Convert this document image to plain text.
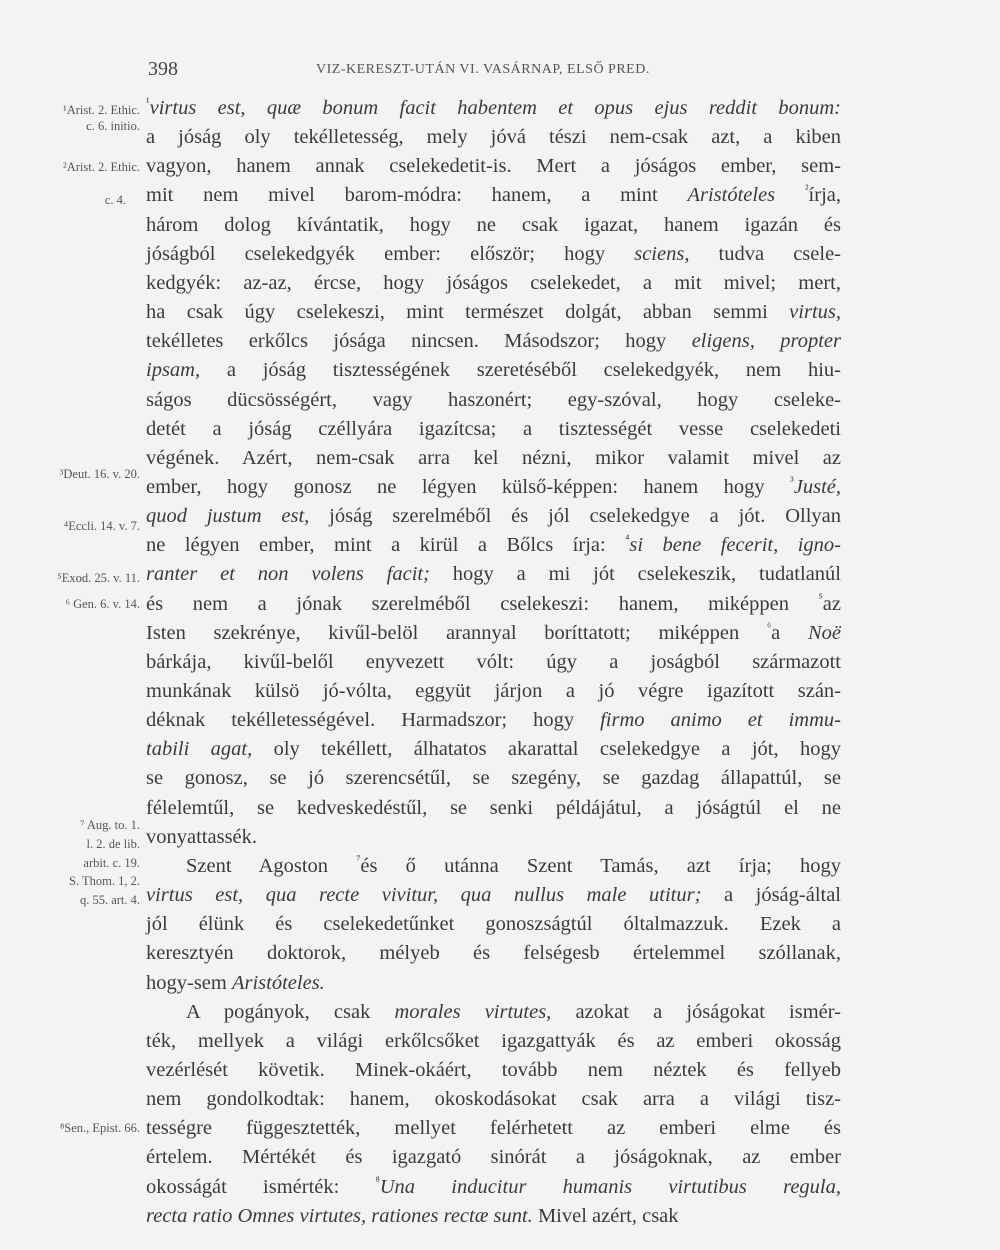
398	VIZ-KERESZT-UTÁN VI. VASÁRNAP, ELSŐ PRED.
¹Arist. 2. Ethic.
c. 6. initio.
²Arist. 2. Ethic.
c. 4.
³Deut. 16. v. 20.
⁴Eccli. 14. v. 7.
⁵Exod. 25. v. 11.
⁶ Gen. 6. v. 14.
⁷ Aug. to. 1.
l. 2. de lib.
arbit. c. 19.
S. Thom. 1, 2.
q. 55. art. 4.
⁸Sen., Epist. 66.
$^{^1}$virtus est, quæ bonum facit habentem et opus ejus reddit bonum:
a jóság oly tekélletesség, mely jóvá tészi nem-csak azt, a kiben
vagyon, hanem annak cselekedetit-is. Mert a jóságos ember, sem-
mit nem mivel barom-módra: hanem, a mint Aristóteles $^{^2}$írja,
három dolog kívántatik, hogy ne csak igazat, hanem igazán és
jóságból cselekedgyék ember: először; hogy sciens, tudva csele-
kedgyék: az-az, ércse, hogy jóságos cselekedet, a mit mivel; mert,
ha csak úgy cselekeszi, mint természet dolgát, abban semmi virtus,
tekélletes erkőlcs jósága nincsen. Másodszor; hogy eligens, propter
ipsam, a jóság tisztességének szeretéséből cselekedgyék, nem hiu-
ságos dücsösségért, vagy haszonért; egy-szóval, hogy cseleke-
detét a jóság czéllyára igazítcsa; a tisztességét vesse cselekedeti
végének. Azért, nem-csak arra kel nézni, mikor valamit mivel az
ember, hogy gonosz ne légyen külső-képpen: hanem hogy $^{^3}$Justé,
quod justum est, jóság szerelméből és jól cselekedgye a jót. Ollyan
ne légyen ember, mint a kirül a Bőlcs írja: $^{^4}$si bene fecerit, igno-
ranter et non volens facit; hogy a mi jót cselekeszik, tudatlanúl
és nem a jónak szerelméből cselekeszi: hanem, miképpen $^{^5}$az
Isten szekrénye, kivűl-belöl arannyal boríttatott; miképpen $^{^6}$a Noë
bárkája, kivűl-belől enyvezett vólt: úgy a joságból származott
munkának külsö jó-vólta, eggyüt járjon a jó végre igazított szán-
déknak tekélletességével. Harmadszor; hogy firmo animo et immu-
tabili agat, oly tekéllett, álhatatos akarattal cselekedgye a jót, hogy
se gonosz, se jó szerencsétűl, se szegény, se gazdag állapattúl, se
félelemtűl, se kedveskedéstűl, se senki példájátul, a jóságtúl el ne
vonyattassék.
Szent Agoston $^{^7}$és ő utánna Szent Tamás, azt írja; hogy
virtus est, qua recte vivitur, qua nullus male utitur; a jóság-által
jól élünk és cselekedetűnket gonoszságtúl óltalmazzuk. Ezek a
keresztyén doktorok, mélyeb és felségesb értelemmel szóllanak,
hogy-sem Aristóteles.
A pogányok, csak morales virtutes, azokat a jóságokat ismér-
ték, mellyek a világi erkőlcsőket igazgattyák és az emberi okosság
vezérlését követik. Minek-okáért, tovább nem néztek és fellyeb
nem gondolkodtak: hanem, okoskodásokat csak arra a világi tisz-
tességre függesztették, mellyet felérhetett az emberi elme és
értelem. Mértékét és igazgató sinórát a jóságoknak, az ember
okosságát ismérték: $^{^8}$Una inducitur humanis virtutibus regula,
recta ratio Omnes virtutes, rationes rectæ sunt. Mivel azért, csak
